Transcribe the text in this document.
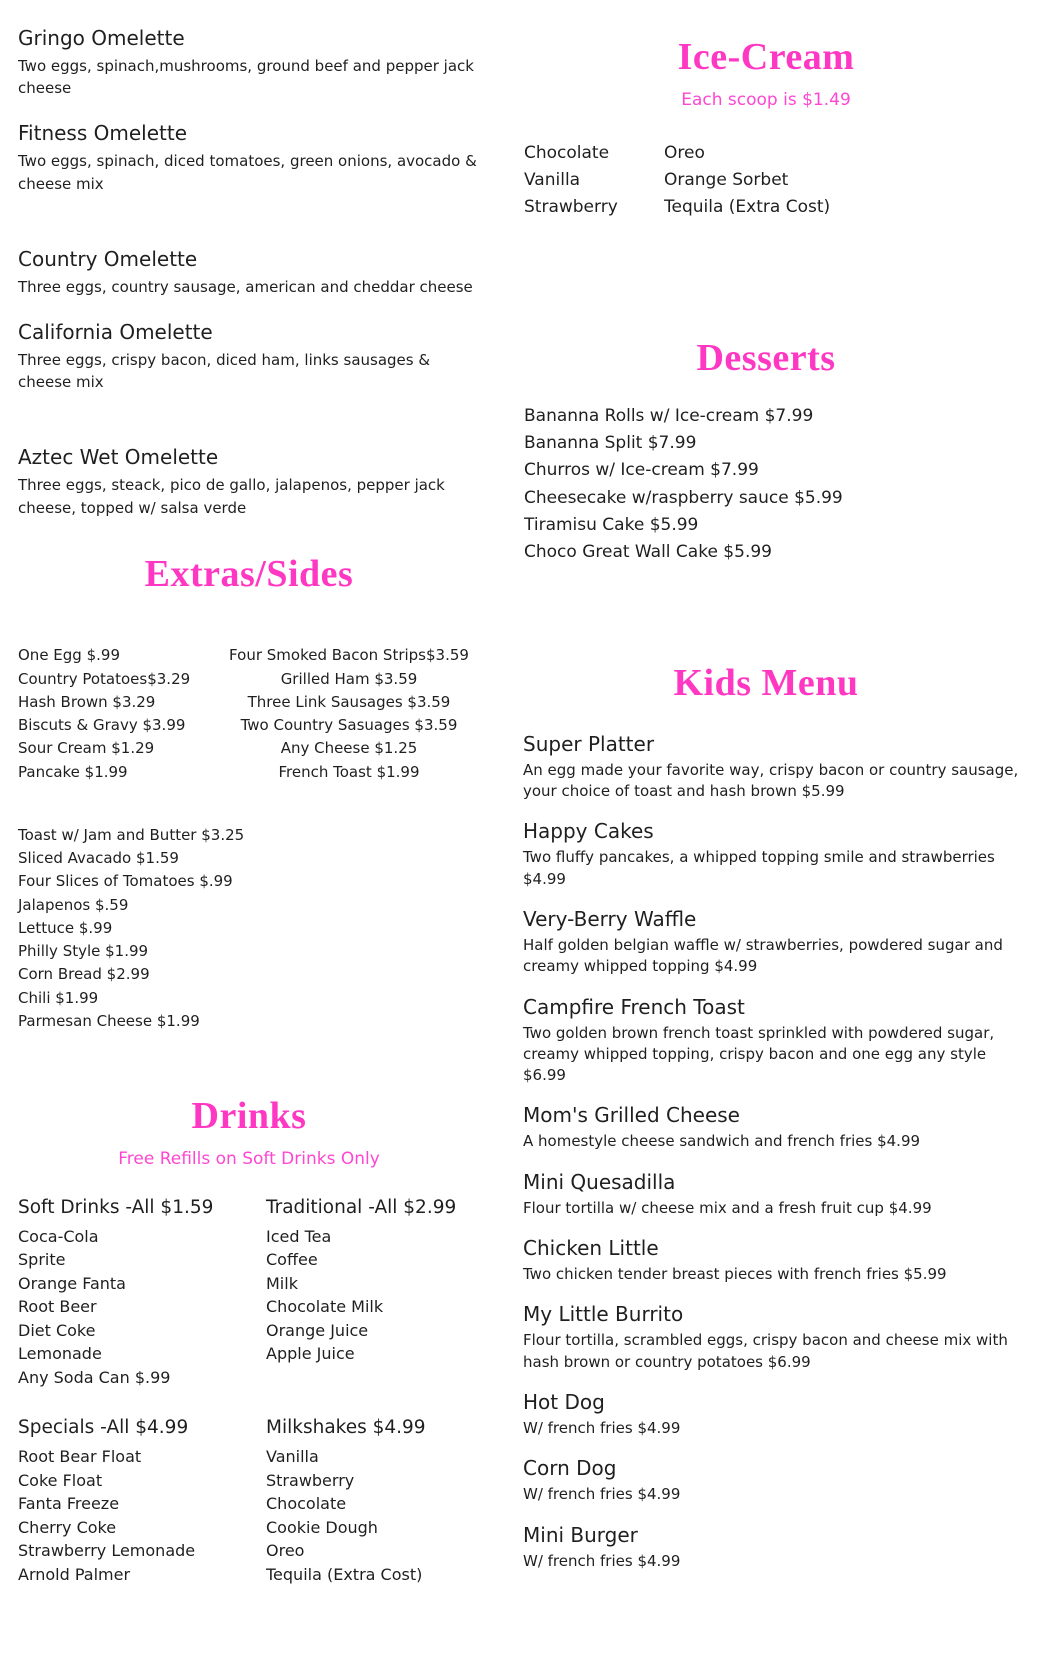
Gringo Omelette
Two eggs, spinach,mushrooms, ground beef and pepper jack cheese
Fitness Omelette
Two eggs, spinach, diced tomatoes, green onions, avocado & cheese mix
Country Omelette
Three eggs, country sausage, american and cheddar cheese
California Omelette
Three eggs, crispy bacon, diced ham, links sausages & cheese mix
Aztec Wet Omelette
Three eggs, steack, pico de gallo, jalapenos, pepper jack cheese, topped w/ salsa verde
Extras/Sides
One Egg $.99
Country Potatoes$3.29
Hash Brown $3.29
Biscuts & Gravy $3.99
Sour Cream $1.29
Pancake $1.99
Four Smoked Bacon Strips$3.59
Grilled Ham $3.59
Three Link Sausages $3.59
Two Country Sasuages $3.59
Any Cheese $1.25
French Toast $1.99
Toast w/ Jam and Butter $3.25
Sliced Avacado $1.59
Four Slices of Tomatoes $.99
Jalapenos $.59
Lettuce $.99
Philly Style $1.99
Corn Bread $2.99
Chili $1.99
Parmesan Cheese $1.99
Drinks
Free Refills on Soft Drinks Only
Soft Drinks -All $1.59
Coca-Cola
Sprite
Orange Fanta
Root Beer
Diet Coke
Lemonade
Any Soda Can $.99
Traditional -All $2.99
Iced Tea
Coffee
Milk
Chocolate Milk
Orange Juice
Apple Juice
Specials -All $4.99
Root Bear Float
Coke Float
Fanta Freeze
Cherry Coke
Strawberry Lemonade
Arnold Palmer
Milkshakes $4.99
Vanilla
Strawberry
Chocolate
Cookie Dough
Oreo
Tequila (Extra Cost)
Ice-Cream
Each scoop is $1.49
Chocolate
Vanilla
Strawberry
Oreo
Orange Sorbet
Tequila (Extra Cost)
Desserts
Bananna Rolls w/ Ice-cream $7.99
Bananna Split $7.99
Churros w/ Ice-cream $7.99
Cheesecake w/raspberry sauce $5.99
Tiramisu Cake $5.99
Choco Great Wall Cake $5.99
Kids Menu
Super Platter
An egg made your favorite way, crispy bacon or country sausage, your choice of toast and hash brown $5.99
Happy Cakes
Two fluffy pancakes, a whipped topping smile and strawberries $4.99
Very-Berry Waffle
Half golden belgian waffle w/ strawberries, powdered sugar and creamy whipped topping $4.99
Campfire French Toast
Two golden brown french toast sprinkled with powdered sugar, creamy whipped topping, crispy bacon and one egg any style $6.99
Mom's Grilled Cheese
A homestyle cheese sandwich and french fries $4.99
Mini Quesadilla
Flour tortilla w/ cheese mix and a fresh fruit cup $4.99
Chicken Little
Two chicken tender breast pieces with french fries $5.99
My Little Burrito
Flour tortilla, scrambled eggs, crispy bacon and cheese mix with hash brown or country potatoes $6.99
Hot Dog
W/ french fries $4.99
Corn Dog
W/ french fries $4.99
Mini Burger
W/ french fries $4.99
